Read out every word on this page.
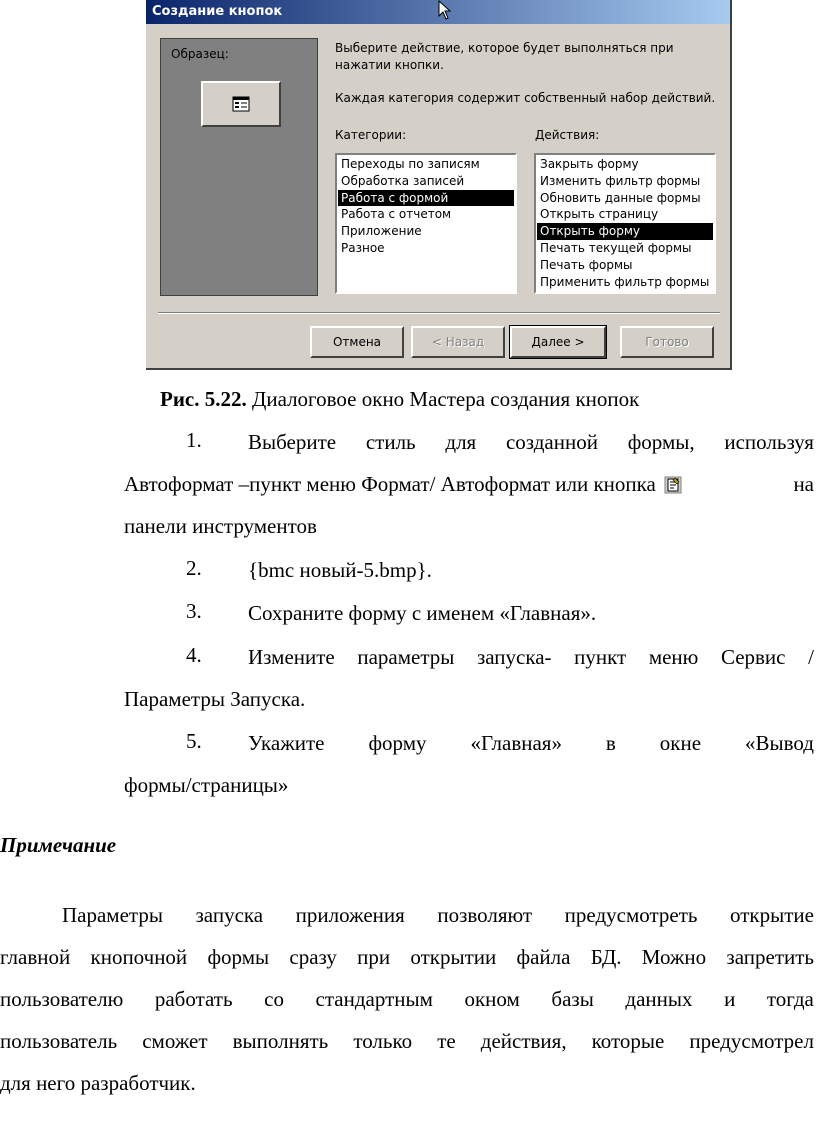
Создание кнопок
Образец:	Выберите действие, которое будет выполняться при нажатии кнопки.
Каждая категория содержит собственный набор действий.
Категории:	Действия:
Переходы по записям
Обработка записей
Работа с формой
Работа с отчетом
Приложение
Разное
Закрыть форму
Изменить фильтр формы
Обновить данные формы
Открыть страницу
Открыть форму
Печать текущей формы
Печать формы
Применить фильтр формы
Отмена	< Назад	Далее >	Готово
Рис. 5.22. Диалоговое окно Мастера создания кнопок
1. Выберите стиль для созданной формы, используя
Автоформат –пункт меню Формат/ Автоформат или кнопка	на
панели инструментов
2. {bmc новый-5.bmp}.
3. Сохраните форму с именем «Главная».
4. Измените параметры запуска- пункт меню Сервис /
Параметры Запуска.
5. Укажите форму «Главная» в окне «Вывод
формы/страницы»
Примечание
Параметры запуска приложения позволяют предусмотреть открытие
главной кнопочной формы сразу при открытии файла БД. Можно запретить
пользователю работать со стандартным окном базы данных и тогда
пользователь сможет выполнять только те действия, которые предусмотрел
для него разработчик.
